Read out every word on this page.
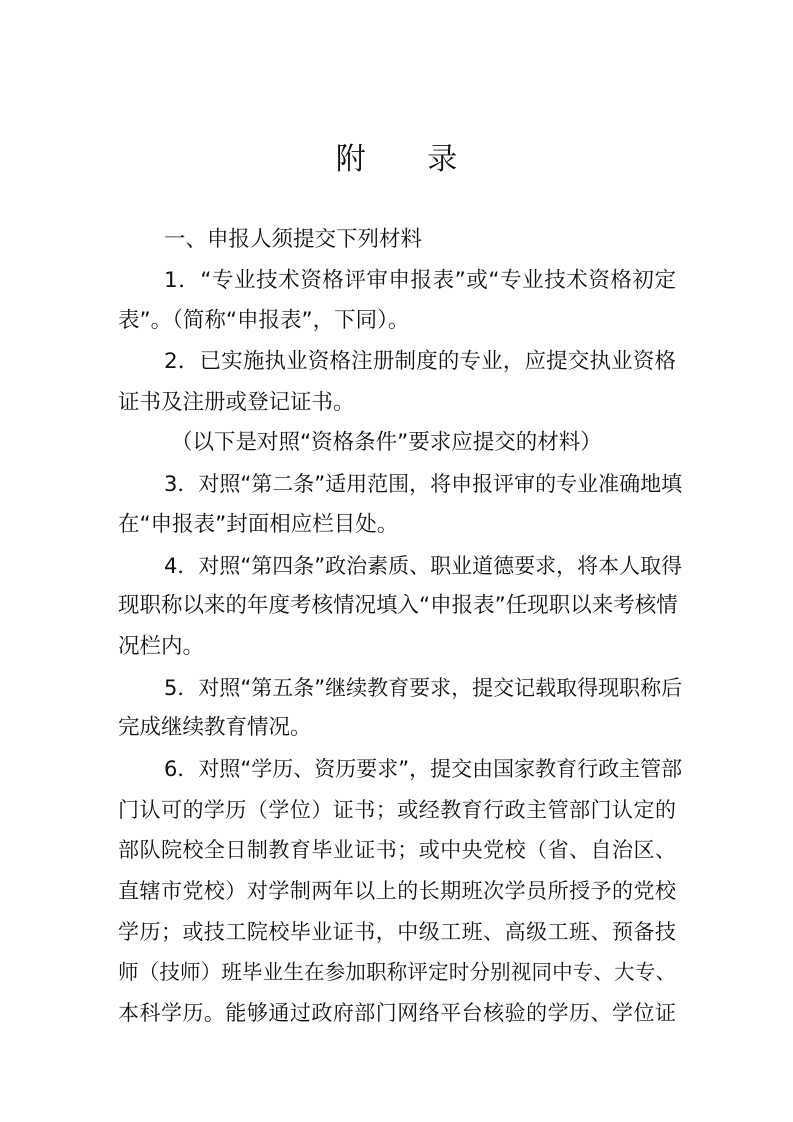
附 录
一、申报人须提交下列材料
1．“专业技术资格评审申报表”或“专业技术资格初定
表”。（简称“申报表”，下同）。
2．已实施执业资格注册制度的专业，应提交执业资格
证书及注册或登记证书。
（以下是对照“资格条件”要求应提交的材料）
3．对照“第二条”适用范围，将申报评审的专业准确地填
在“申报表”封面相应栏目处。
4．对照“第四条”政治素质、职业道德要求，将本人取得
现职称以来的年度考核情况填入“申报表”任现职以来考核情
况栏内。
5．对照“第五条”继续教育要求，提交记载取得现职称后
完成继续教育情况。
6．对照“学历、资历要求”，提交由国家教育行政主管部
门认可的学历（学位）证书；或经教育行政主管部门认定的
部队院校全日制教育毕业证书；或中央党校（省、自治区、
直辖市党校）对学制两年以上的长期班次学员所授予的党校
学历；或技工院校毕业证书，中级工班、高级工班、预备技
师（技师）班毕业生在参加职称评定时分别视同中专、大专、
本科学历。能够通过政府部门网络平台核验的学历、学位证
